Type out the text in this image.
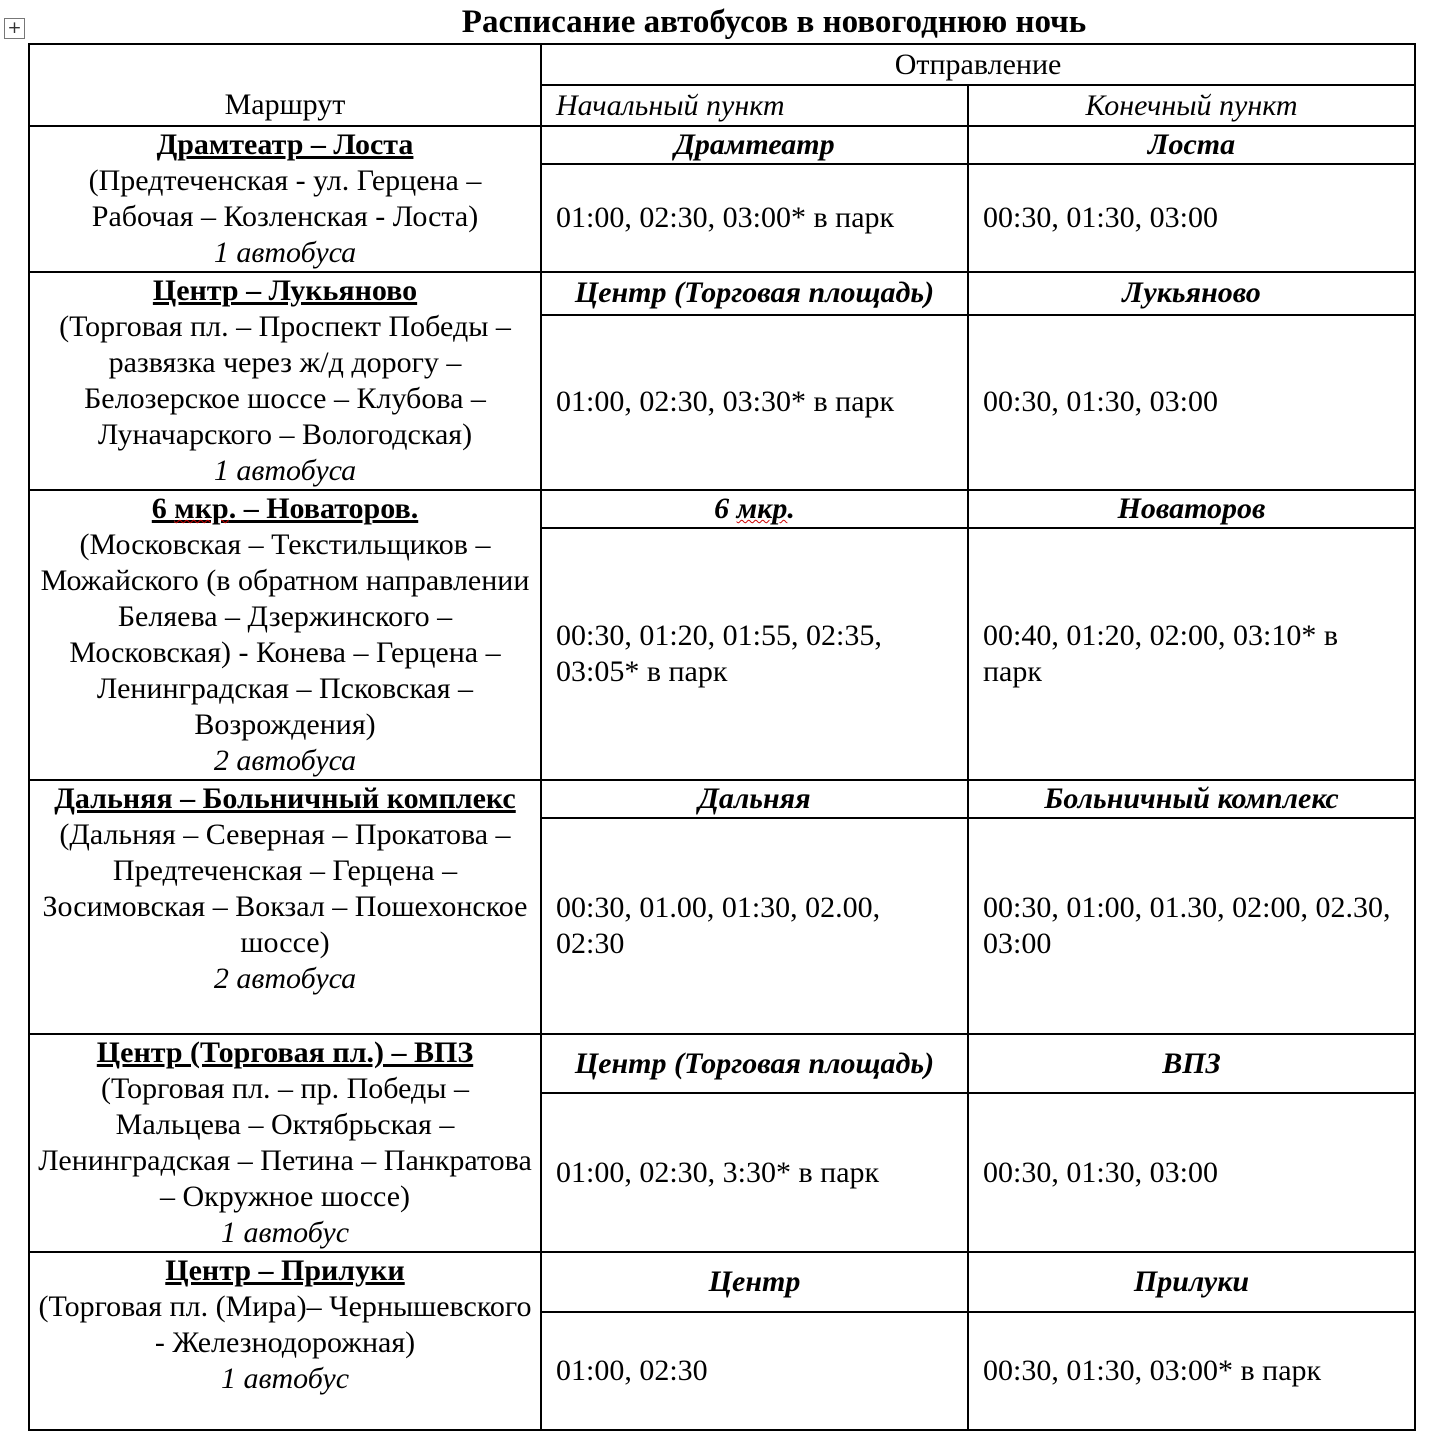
+	Расписание автобусов в новогоднюю ночь
Маршрут	Отправление	
	Начальный пункт	Конечный пункт

Драмтеатр – Лоста
(Предтеченская - ул. Герцена – Рабочая – Козленская - Лоста)
1 автобуса	Драмтеатр	Лоста
	01:00, 02:30, 03:00* в парк	00:30, 01:30, 03:00

Центр – Лукьяново
(Торговая пл. – Проспект Победы – развязка через ж/д дорогу – Белозерское шоссе – Клубова – Луначарского – Вологодская)
1 автобуса	Центр (Торговая площадь)	Лукьяново
	01:00, 02:30, 03:30* в парк	00:30, 01:30, 03:00

6 мкр. – Новаторов.
(Московская – Текстильщиков – Можайского (в обратном направлении Беляева – Дзержинского – Московская) - Конева – Герцена – Ленинградская – Псковская – Возрождения)
2 автобуса	6 мкр.	Новаторов
	00:30, 01:20, 01:55, 02:35, 03:05* в парк	00:40, 01:20, 02:00, 03:10* в парк

Дальняя – Больничный комплекс
(Дальняя – Северная – Прокатова – Предтеченская – Герцена – Зосимовская – Вокзал – Пошехонское шоссе)
2 автобуса	Дальняя	Больничный комплекс
	00:30, 01.00, 01:30, 02.00, 02:30	00:30, 01:00, 01.30, 02:00, 02.30, 03:00

Центр (Торговая пл.) – ВПЗ
(Торговая пл. – пр. Победы – Мальцева – Октябрьская – Ленинградская – Петина – Панкратова – Окружное шоссе)
1 автобус	Центр (Торговая площадь)	ВПЗ
	01:00, 02:30, 3:30* в парк	00:30, 01:30, 03:00

Центр – Прилуки
(Торговая пл. (Мира)– Чернышевского - Железнодорожная)
1 автобус	Центр	Прилуки
	01:00, 02:30	00:30, 01:30, 03:00* в парк
